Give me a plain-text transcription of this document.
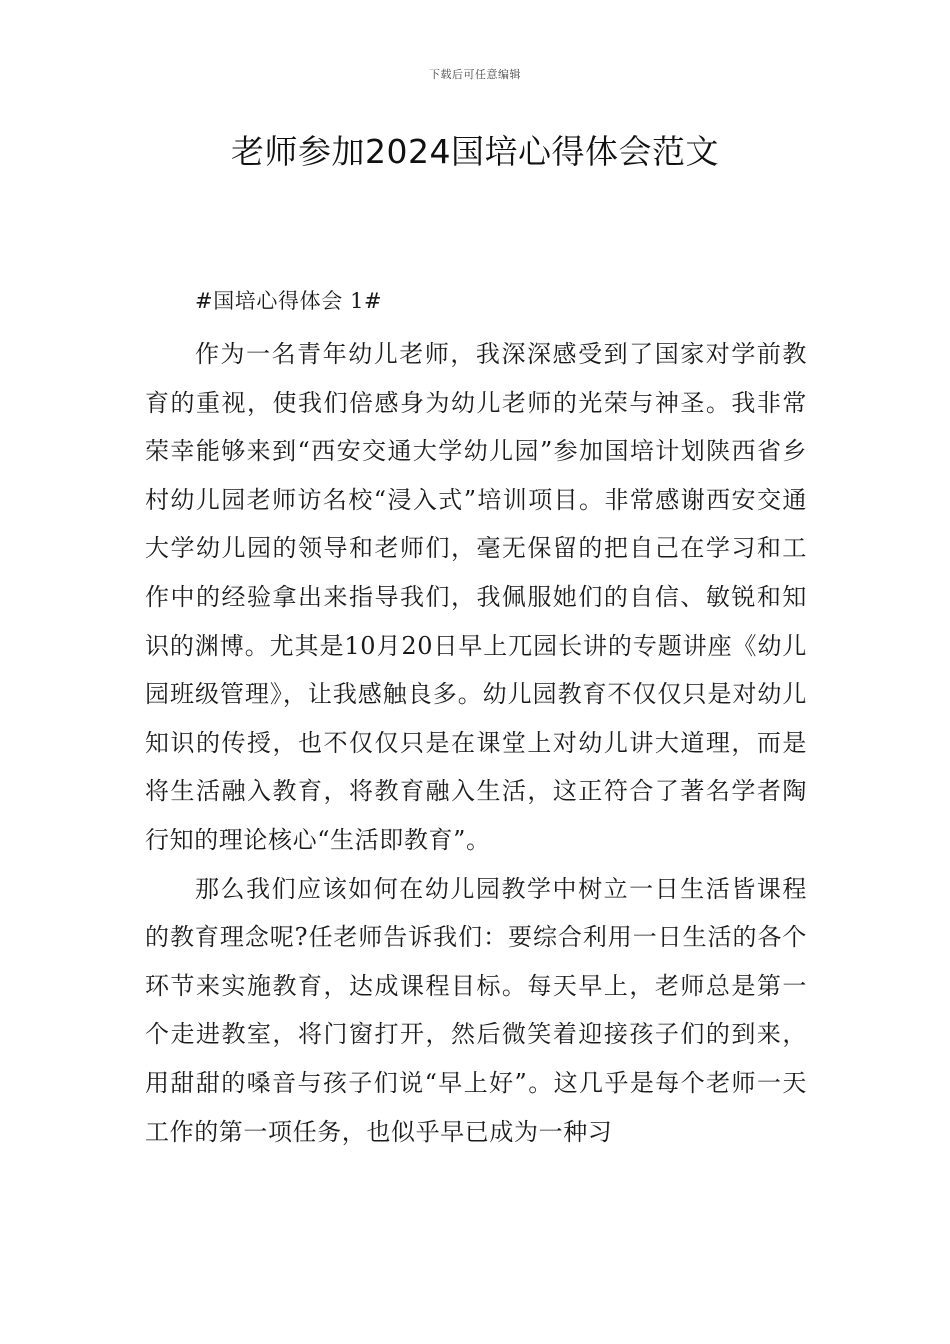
下载后可任意编辑
老师参加2024国培心得体会范文

#国培心得体会 1#

作为一名青年幼儿老师，我深深感受到了国家对学前教育的重视，使我们倍感身为幼儿老师的光荣与神圣。我非常荣幸能够来到“西安交通大学幼儿园”参加国培计划陕西省乡村幼儿园老师访名校“浸入式”培训项目。非常感谢西安交通大学幼儿园的领导和老师们，毫无保留的把自己在学习和工作中的经验拿出来指导我们，我佩服她们的自信、敏锐和知识的渊博。尤其是10月20日早上兀园长讲的专题讲座《幼儿园班级管理》，让我感触良多。幼儿园教育不仅仅只是对幼儿知识的传授，也不仅仅只是在课堂上对幼儿讲大道理，而是将生活融入教育，将教育融入生活，这正符合了著名学者陶行知的理论核心“生活即教育”。

那么我们应该如何在幼儿园教学中树立一日生活皆课程的教育理念呢?任老师告诉我们：要综合利用一日生活的各个环节来实施教育，达成课程目标。每天早上，老师总是第一个走进教室，将门窗打开，然后微笑着迎接孩子们的到来，用甜甜的嗓音与孩子们说“早上好”。这几乎是每个老师一天工作的第一项任务，也似乎早已成为一种习
